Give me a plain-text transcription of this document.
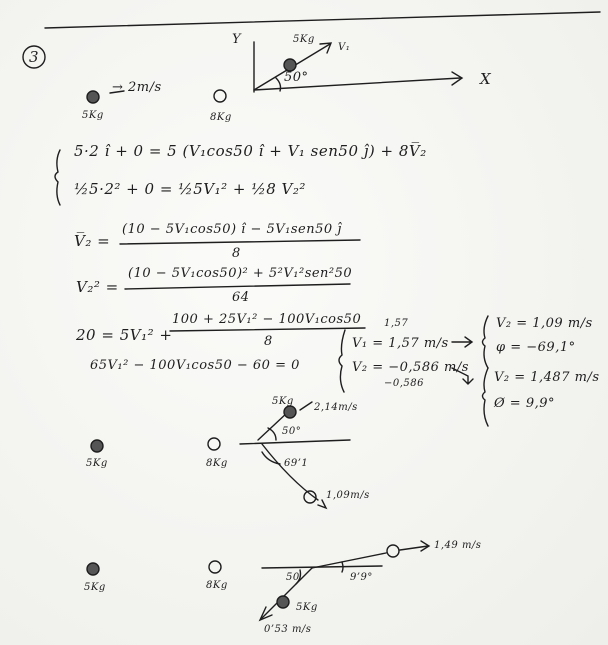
3
Y
X
5Kg
V₁
50°
→ 2m/s
5Kg	8Kg
5·2 î + 0 = 5 (V₁cos50 î + V₁ sen50 ĵ) + 8V̅₂
½5·2² + 0 = ½5V₁² + ½8 V₂²
V̅₂ =
(10 − 5V₁cos50) î − 5V₁sen50 ĵ
8
V₂² =
(10 − 5V₁cos50)² + 5²V₁²sen²50
64
20 = 5V₁² +
100 + 25V₁² − 100V₁cos50
8
65V₁² − 100V₁cos50 − 60 = 0
1,57
V₁ = 1,57 m/s
V₂ = −0,586 m/s
−0,586
V₂ = 1,09 m/s
φ = −69,1°
V₂ = 1,487 m/s
Ø = 9,9°
5Kg	8Kg
5Kg
2,14m/s
50°
69’1
1,09m/s
5Kg	8Kg
1,49 m/s
50	9’9°
5Kg
0’53 m/s
